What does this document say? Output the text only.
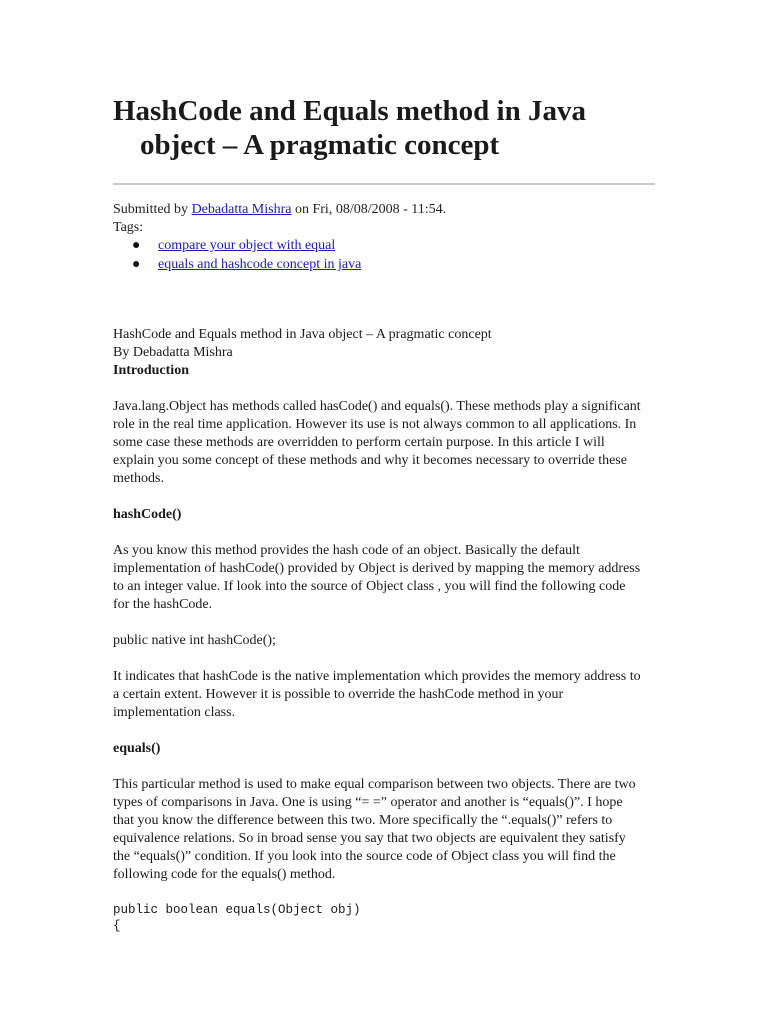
HashCode and Equals method in Java
object – A pragmatic concept
Submitted by Debadatta Mishra on Fri, 08/08/2008 - 11:54.
Tags:
● compare your object with equal
● equals and hashcode concept in java

HashCode and Equals method in Java object – A pragmatic concept

By Debadatta Mishra

Introduction

Java.lang.Object has methods called hasCode() and equals(). These methods play a significant role in the real time application. However its use is not always common to all applications. In some case these methods are overridden to perform certain purpose. In this article I will explain you some concept of these methods and why it becomes necessary to override these methods.

hashCode()

As you know this method provides the hash code of an object. Basically the default implementation of hashCode() provided by Object is derived by mapping the memory address to an integer value. If look into the source of Object class , you will find the following code for the hashCode.

public native int hashCode();

It indicates that hashCode is the native implementation which provides the memory address to a certain extent. However it is possible to override the hashCode method in your implementation class.

equals()

This particular method is used to make equal comparison between two objects. There are two types of comparisons in Java. One is using “= =” operator and another is “equals()”. I hope that you know the difference between this two. More specifically the “.equals()” refers to equivalence relations. So in broad sense you say that two objects are equivalent they satisfy the “equals()” condition. If you look into the source code of Object class you will find the following code for the equals() method.

public boolean equals(Object obj)
{
